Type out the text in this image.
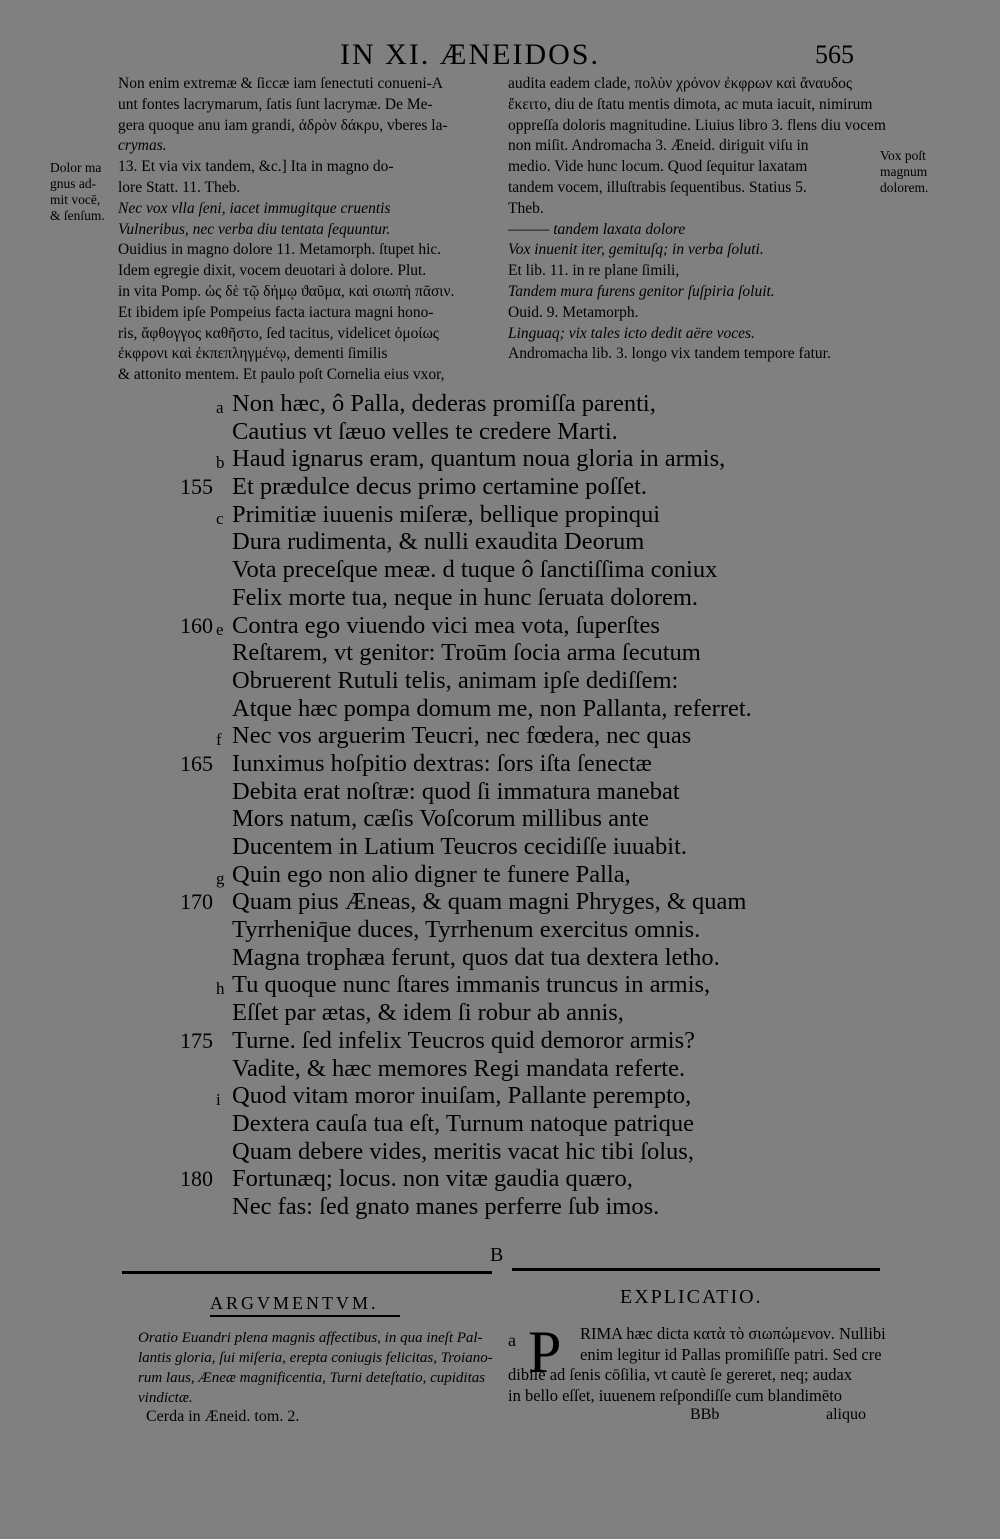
IN XI. ÆNEIDOS.	565
Non enim extremæ & ſiccæ iam ſenectuti conueni-A
unt fontes lacrymarum, ſatis ſunt lacrymæ. De Me-
gera quoque anu iam grandi, ἀδρὸν δάκρυ, vberes la-
crymas.
13. Et via vix tandem, &c.] Ita in magno do-
lore Statt. 11. Theb.
Nec vox vlla ſeni, iacet immugitque cruentis
Vulneribus, nec verba diu tentata ſequuntur.
Ouidius in magno dolore 11. Metamorph. ſtupet hic.
Idem egregie dixit, vocem deuotari à dolore. Plut.
in vita Pomp. ὡς δὲ τῷ δήμῳ ϑαῦμα, καὶ σιωπὴ πᾶσιν.
Et ibidem ipſe Pompeius facta iactura magni hono-
ris, ἄφθογγος καθῆστο, ſed tacitus, videlicet ὁμοίως
ἐκφρονι καὶ ἐκπεπληγμένῳ, dementi ſimilis
& attonito mentem. Et paulo poſt Cornelia eius vxor,
audita eadem clade, πολὺν χρόνον ἐκφρων καὶ ἄναυδος
ἔκειτο, diu de ſtatu mentis dimota, ac muta iacuit, nimirum
oppreſſa doloris magnitudine. Liuius libro 3. flens diu vocem
non miſit. Andromacha 3. Æneid. diriguit viſu in
medio. Vide hunc locum. Quod ſequitur laxatam
tandem vocem, illuſtrabis ſequentibus. Statius 5.
Theb.
——— tandem laxata dolore
Vox inuenit iter, gemituſq; in verba ſoluti.
Et lib. 11. in re plane ſimili,
Tandem mura furens genitor ſuſpiria ſoluit.
Ouid. 9. Metamorph.
Linguaq; vix tales icto dedit aëre voces.
Andromacha lib. 3. longo vix tandem tempore fatur.
Dolor ma
gnus ad-
mit vocē,
& ſenſum.
Vox poſt
magnum
dolorem.
a Non hæc, ô Palla, dederas promiſſa parenti,
Cautius vt ſæuo velles te credere Marti.
b Haud ignarus eram, quantum noua gloria in armis,
155 Et prædulce decus primo certamine poſſet.
c Primitiæ iuuenis miſeræ, bellique propinqui
Dura rudimenta, & nulli exaudita Deorum
Vota preceſque meæ. d tuque ô ſanctiſſima coniux
Felix morte tua, neque in hunc ſeruata dolorem.
160 e Contra ego viuendo vici mea vota, ſuperſtes
Reſtarem, vt genitor: Troūm ſocia arma ſecutum
Obruerent Rutuli telis, animam ipſe dediſſem:
Atque hæc pompa domum me, non Pallanta, referret.
f Nec vos arguerim Teucri, nec fœdera, nec quas
165 Iunximus hoſpitio dextras: ſors iſta ſenectæ
Debita erat noſtræ: quod ſi immatura manebat
Mors natum, cæſis Voſcorum millibus ante
Ducentem in Latium Teucros cecidiſſe iuuabit.
g Quin ego non alio digner te funere Palla,
170 Quam pius Æneas, & quam magni Phryges, & quam
Tyrrheniq̄ue duces, Tyrrhenum exercitus omnis.
Magna trophæa ferunt, quos dat tua dextera letho.
h Tu quoque nunc ſtares immanis truncus in armis,
Eſſet par ætas, & idem ſi robur ab annis,
175 Turne. ſed infelix Teucros quid demoror armis?
Vadite, & hæc memores Regi mandata referte.
i Quod vitam moror inuiſam, Pallante perempto,
Dextera cauſa tua eſt, Turnum natoque patrique
Quam debere vides, meritis vacat hic tibi ſolus,
180 Fortunæq; locus. non vitæ gaudia quæro,
Nec fas: ſed gnato manes perferre ſub imos.
B
ARGVMENTVM.
Oratio Euandri plena magnis affectibus, in qua ineſt Pal-
lantis gloria, ſui miſeria, erepta coniugis felicitas, Troiano-
rum laus, Æneæ magnificentia, Turni deteſtatio, cupiditas
vindictæ.
Cerda in Æneid. tom. 2.
EXPLICATIO.
a P RIMA hæc dicta κατὰ τὸ σιωπώμενον. Nullibi
enim legitur id Pallas promiſiſſe patri. Sed cre
dibile ad ſenis cōſilia, vt cautè ſe gereret, neq; audax
in bello eſſet, iuuenem reſpondiſſe cum blandimēto
BBb	aliquo
